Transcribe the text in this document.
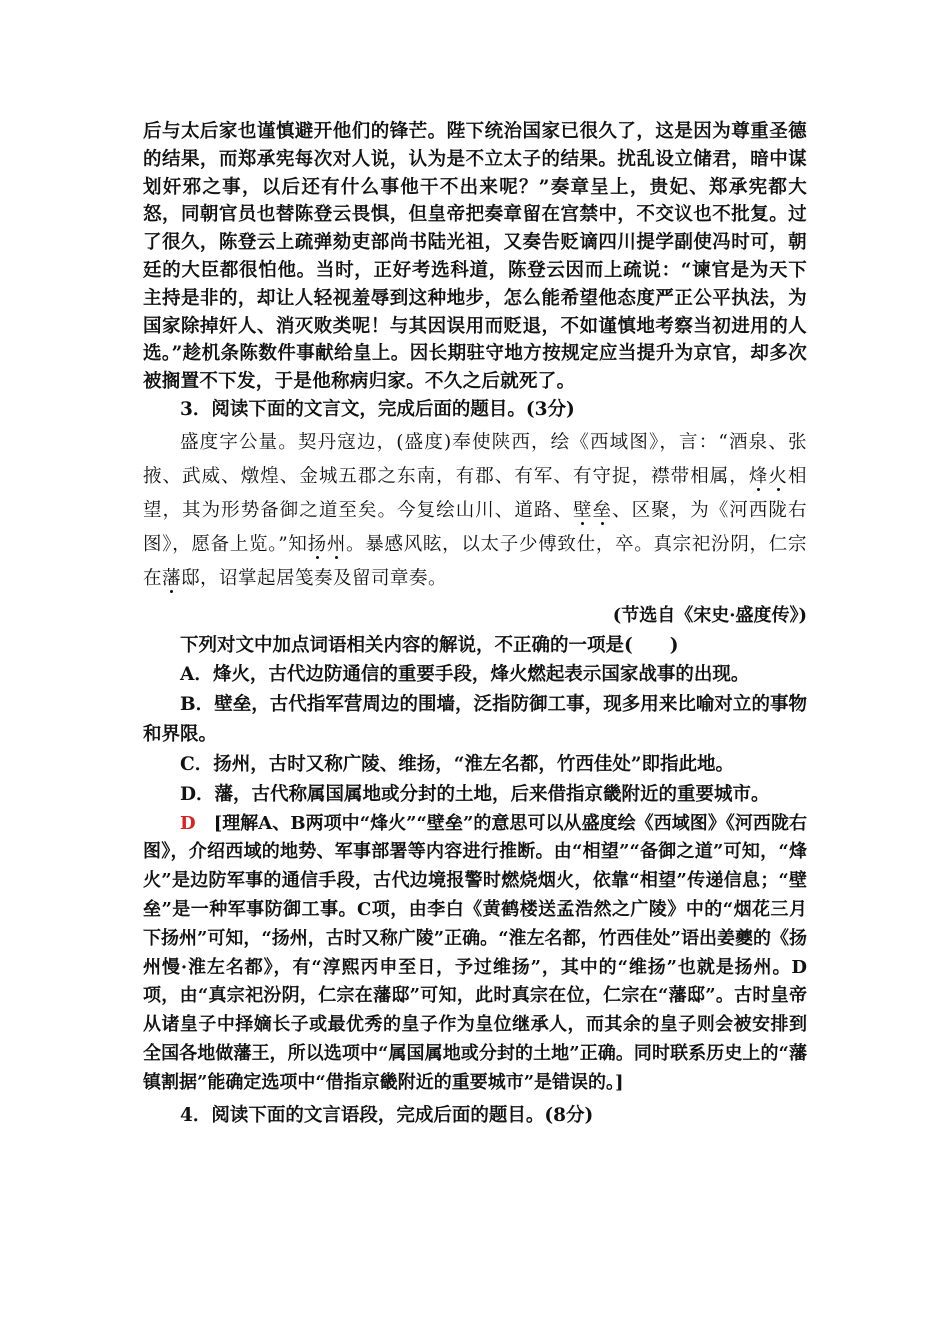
后与太后家也谨慎避开他们的锋芒。陛下统治国家已很久了，这是因为尊重圣德的结果，而郑承宪每次对人说，认为是不立太子的结果。扰乱设立储君，暗中谋划奸邪之事，以后还有什么事他干不出来呢？”奏章呈上，贵妃、郑承宪都大怒，同朝官员也替陈登云畏惧，但皇帝把奏章留在宫禁中，不交议也不批复。过了很久，陈登云上疏弹劾吏部尚书陆光祖，又奏告贬谪四川提学副使冯时可，朝廷的大臣都很怕他。当时，正好考选科道，陈登云因而上疏说：“谏官是为天下主持是非的，却让人轻视羞辱到这种地步，怎么能希望他态度严正公平执法，为国家除掉奸人、消灭败类呢！与其因误用而贬退，不如谨慎地考察当初进用的人选。”趁机条陈数件事献给皇上。因长期驻守地方按规定应当提升为京官，却多次被搁置不下发，于是他称病归家。不久之后就死了。

3．阅读下面的文言文，完成后面的题目。(3分)

盛度字公量。契丹寇边，(盛度)奉使陕西，绘《西域图》，言：“酒泉、张掖、武威、燉煌、金城五郡之东南，有郡、有军、有守捉，襟带相属，烽火相望，其为形势备御之道至矣。今复绘山川、道路、壁垒、区聚，为《河西陇右图》，愿备上览。”知扬州。暴感风眩，以太子少傅致仕，卒。真宗祀汾阴，仁宗在藩邸，诏掌起居笺奏及留司章奏。

(节选自《宋史·盛度传》)

下列对文中加点词语相关内容的解说，不正确的一项是(　　)

A．烽火，古代边防通信的重要手段，烽火燃起表示国家战事的出现。

B．壁垒，古代指军营周边的围墙，泛指防御工事，现多用来比喻对立的事物和界限。

C．扬州，古时又称广陵、维扬，“淮左名都，竹西佳处”即指此地。

D．藩，古代称属国属地或分封的土地，后来借指京畿附近的重要城市。

D　 [理解A、B两项中“烽火”“壁垒”的意思可以从盛度绘《西域图》《河西陇右图》，介绍西域的地势、军事部署等内容进行推断。由“相望”“备御之道”可知，“烽火”是边防军事的通信手段，古代边境报警时燃烧烟火，依靠“相望”传递信息；“壁垒”是一种军事防御工事。C项，由李白《黄鹤楼送孟浩然之广陵》中的“烟花三月下扬州”可知，“扬州，古时又称广陵”正确。“淮左名都，竹西佳处”语出姜夔的《扬州慢·淮左名都》，有“淳熙丙申至日，予过维扬”，其中的“维扬”也就是扬州。D项，由“真宗祀汾阴，仁宗在藩邸”可知，此时真宗在位，仁宗在“藩邸”。古时皇帝从诸皇子中择嫡长子或最优秀的皇子作为皇位继承人，而其余的皇子则会被安排到全国各地做藩王，所以选项中“属国属地或分封的土地”正确。同时联系历史上的“藩镇割据”能确定选项中“借指京畿附近的重要城市”是错误的。]

4．阅读下面的文言语段，完成后面的题目。(8分)
